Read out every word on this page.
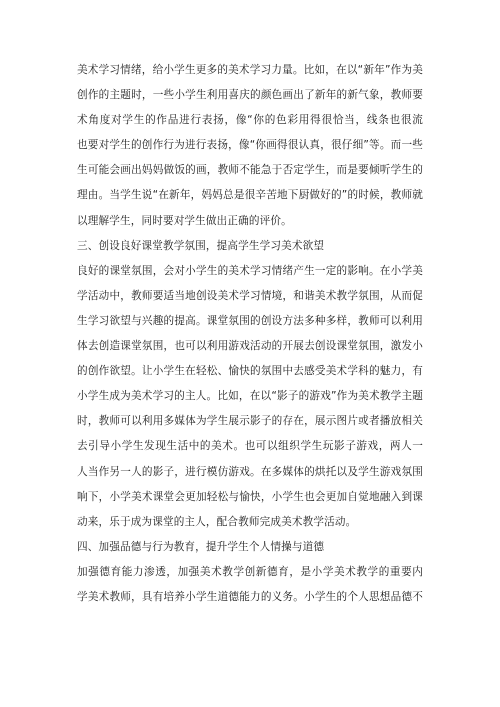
美术学习情绪，给小学生更多的美术学习力量。比如，在以“新年”作为美
创作的主题时，一些小学生利用喜庆的颜色画出了新年的新气象，教师要
术角度对学生的作品进行表扬，像“你的色彩用得很恰当，线条也很流
也要对学生的创作行为进行表扬，像“你画得很认真，很仔细”等。而一些
生可能会画出妈妈做饭的画，教师不能急于否定学生，而是要倾听学生的
理由。当学生说“在新年，妈妈总是很辛苦地下厨做好的”的时候，教师就
以理解学生，同时要对学生做出正确的评价。
三、创设良好课堂教学氛围，提高学生学习美术欲望
良好的课堂氛围，会对小学生的美术学习情绪产生一定的影响。在小学美
学活动中，教师要适当地创设美术学习情境，和谐美术教学氛围，从而促
生学习欲望与兴趣的提高。课堂氛围的创设方法多种多样，教师可以利用
体去创造课堂氛围，也可以利用游戏活动的开展去创设课堂氛围，激发小
的创作欲望。让小学生在轻松、愉快的氛围中去感受美术学科的魅力，有
小学生成为美术学习的主人。比如，在以“影子的游戏”作为美术教学主题
时，教师可以利用多媒体为学生展示影子的存在，展示图片或者播放相关
去引导小学生发现生活中的美术。也可以组织学生玩影子游戏，两人一
人当作另一人的影子，进行模仿游戏。在多媒体的烘托以及学生游戏氛围
响下，小学美术课堂会更加轻松与愉快，小学生也会更加自觉地融入到课
动来，乐于成为课堂的主人，配合教师完成美术教学活动。
四、加强品德与行为教育，提升学生个人情操与道德
加强德育能力渗透，加强美术教学创新德育，是小学美术教学的重要内
学美术教师，具有培养小学生道德能力的义务。小学生的个人思想品德不
